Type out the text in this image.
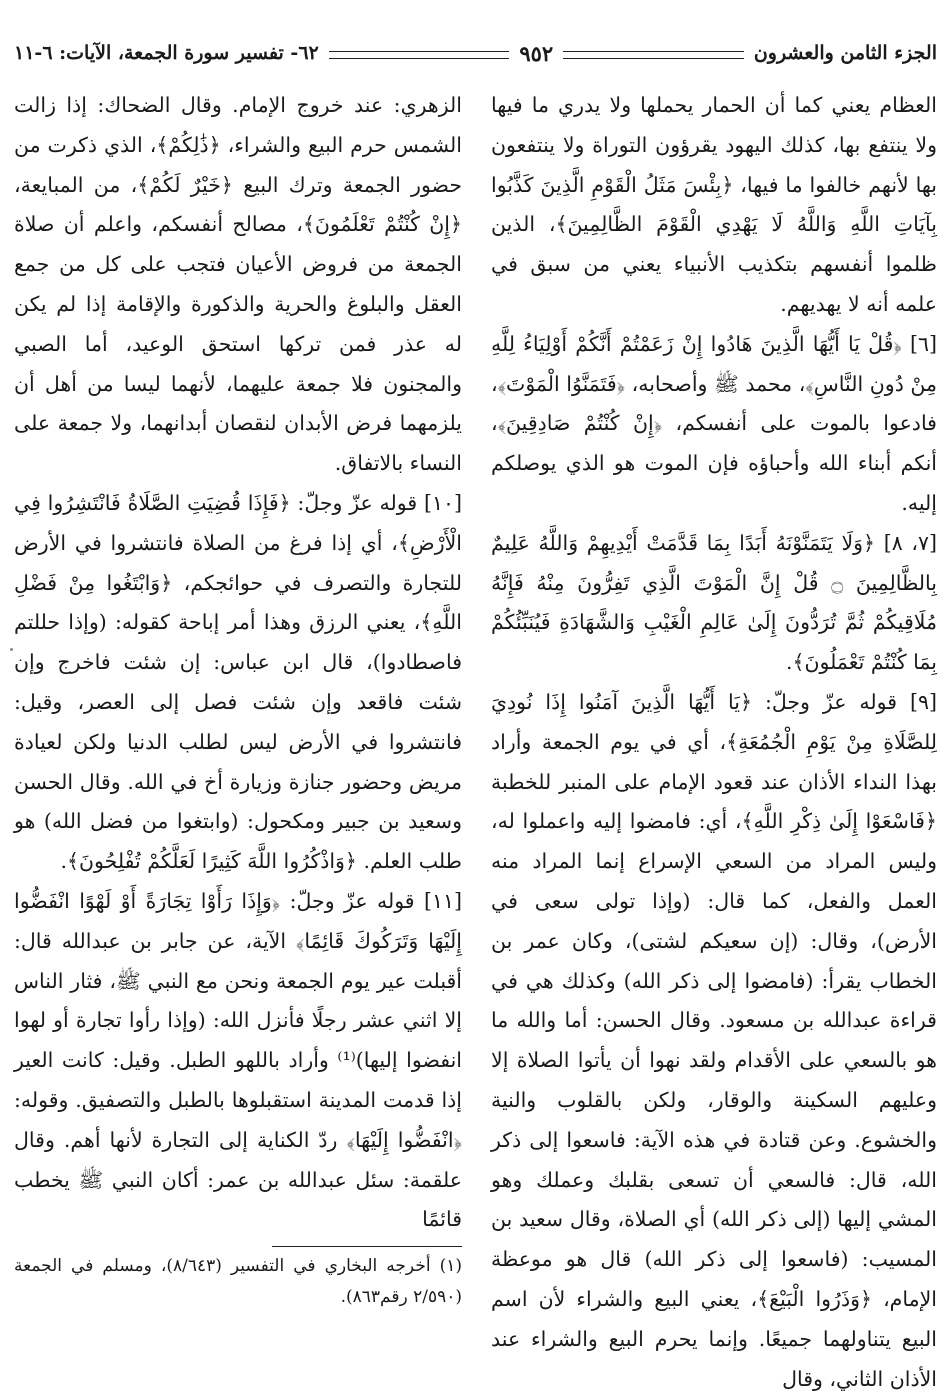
الجزء الثامن والعشرون
٩٥٢
٦٢- تفسير سورة الجمعة، الآيات: ٦-١١

العظام يعني كما أن الحمار يحملها ولا يدري ما فيها ولا ينتفع بها، كذلك اليهود يقرؤون التوراة ولا ينتفعون بها لأنهم خالفوا ما فيها، ﴿بِئْسَ مَثَلُ الْقَوْمِ الَّذِينَ كَذَّبُوا بِآيَاتِ اللَّهِ وَاللَّهُ لَا يَهْدِي الْقَوْمَ الظَّالِمِينَ﴾، الذين ظلموا أنفسهم بتكذيب الأنبياء يعني من سبق في علمه أنه لا يهديهم.

[٦] ﴿قُلْ يَا أَيُّهَا الَّذِينَ هَادُوا إِنْ زَعَمْتُمْ أَنَّكُمْ أَوْلِيَاءُ لِلَّهِ مِنْ دُونِ النَّاسِ﴾، محمد ﷺ وأصحابه، ﴿فَتَمَنَّوُا الْمَوْتَ﴾، فادعوا بالموت على أنفسكم، ﴿إِنْ كُنْتُمْ صَادِقِينَ﴾، أنكم أبناء الله وأحباؤه فإن الموت هو الذي يوصلكم إليه.

[٧، ٨] ﴿وَلَا يَتَمَنَّوْنَهُ أَبَدًا بِمَا قَدَّمَتْ أَيْدِيهِمْ وَاللَّهُ عَلِيمٌ بِالظَّالِمِينَ ۝ قُلْ إِنَّ الْمَوْتَ الَّذِي تَفِرُّونَ مِنْهُ فَإِنَّهُ مُلَاقِيكُمْ ثُمَّ تُرَدُّونَ إِلَىٰ عَالِمِ الْغَيْبِ وَالشَّهَادَةِ فَيُنَبِّئُكُمْ بِمَا كُنْتُمْ تَعْمَلُونَ﴾.

[٩] قوله عزّ وجلّ: ﴿يَا أَيُّهَا الَّذِينَ آمَنُوا إِذَا نُودِيَ لِلصَّلَاةِ مِنْ يَوْمِ الْجُمُعَةِ﴾، أي في يوم الجمعة وأراد بهذا النداء الأذان عند قعود الإمام على المنبر للخطبة ﴿فَاسْعَوْا إِلَىٰ ذِكْرِ اللَّهِ﴾، أي: فامضوا إليه واعملوا له، وليس المراد من السعي الإسراع إنما المراد منه العمل والفعل، كما قال: (وإذا تولى سعى في الأرض)، وقال: (إن سعيكم لشتى)، وكان عمر بن الخطاب يقرأ: (فامضوا إلى ذكر الله) وكذلك هي في قراءة عبدالله بن مسعود. وقال الحسن: أما والله ما هو بالسعي على الأقدام ولقد نهوا أن يأتوا الصلاة إلا وعليهم السكينة والوقار، ولكن بالقلوب والنية والخشوع. وعن قتادة في هذه الآية: فاسعوا إلى ذكر الله، قال: فالسعي أن تسعى بقلبك وعملك وهو المشي إليها (إلى ذكر الله) أي الصلاة، وقال سعيد بن المسيب: (فاسعوا إلى ذكر الله) قال هو موعظة الإمام، ﴿وَذَرُوا الْبَيْعَ﴾، يعني البيع والشراء لأن اسم البيع يتناولهما جميعًا. وإنما يحرم البيع والشراء عند الأذان الثاني، وقال

الزهري: عند خروج الإمام. وقال الضحاك: إذا زالت الشمس حرم البيع والشراء، ﴿ذَٰلِكُمْ﴾، الذي ذكرت من حضور الجمعة وترك البيع ﴿خَيْرٌ لَكُمْ﴾، من المبايعة، ﴿إِنْ كُنْتُمْ تَعْلَمُونَ﴾، مصالح أنفسكم، واعلم أن صلاة الجمعة من فروض الأعيان فتجب على كل من جمع العقل والبلوغ والحرية والذكورة والإقامة إذا لم يكن له عذر فمن تركها استحق الوعيد، أما الصبي والمجنون فلا جمعة عليهما، لأنهما ليسا من أهل أن يلزمهما فرض الأبدان لنقصان أبدانهما، ولا جمعة على النساء بالاتفاق.

[١٠] قوله عزّ وجلّ: ﴿فَإِذَا قُضِيَتِ الصَّلَاةُ فَانْتَشِرُوا فِي الْأَرْضِ﴾، أي إذا فرغ من الصلاة فانتشروا في الأرض للتجارة والتصرف في حوائجكم، ﴿وَابْتَغُوا مِنْ فَضْلِ اللَّهِ﴾، يعني الرزق وهذا أمر إباحة كقوله: (وإذا حللتم فاصطادوا)، قال ابن عباس: إن شئت فاخرج وإن شئت فاقعد وإن شئت فصل إلى العصر، وقيل: فانتشروا في الأرض ليس لطلب الدنيا ولكن لعيادة مريض وحضور جنازة وزيارة أخ في الله. وقال الحسن وسعيد بن جبير ومكحول: (وابتغوا من فضل الله) هو طلب العلم. ﴿وَاذْكُرُوا اللَّهَ كَثِيرًا لَعَلَّكُمْ تُفْلِحُونَ﴾.

[١١] قوله عزّ وجلّ: ﴿وَإِذَا رَأَوْا تِجَارَةً أَوْ لَهْوًا انْفَضُّوا إِلَيْهَا وَتَرَكُوكَ قَائِمًا﴾ الآية، عن جابر بن عبدالله قال: أقبلت عير يوم الجمعة ونحن مع النبي ﷺ، فثار الناس إلا اثني عشر رجلًا فأنزل الله: (وإذا رأوا تجارة أو لهوا انفضوا إليها)⁽¹⁾ وأراد باللهو الطبل. وقيل: كانت العير إذا قدمت المدينة استقبلوها بالطبل والتصفيق. وقوله: ﴿انْفَضُّوا إِلَيْهَا﴾ ردّ الكناية إلى التجارة لأنها أهم. وقال علقمة: سئل عبدالله بن عمر: أكان النبي ﷺ يخطب قائمًا

(١) أخرجه البخاري في التفسير (٨/٦٤٣)، ومسلم في الجمعة (٢/٥٩٠ رقم٨٦٣).
